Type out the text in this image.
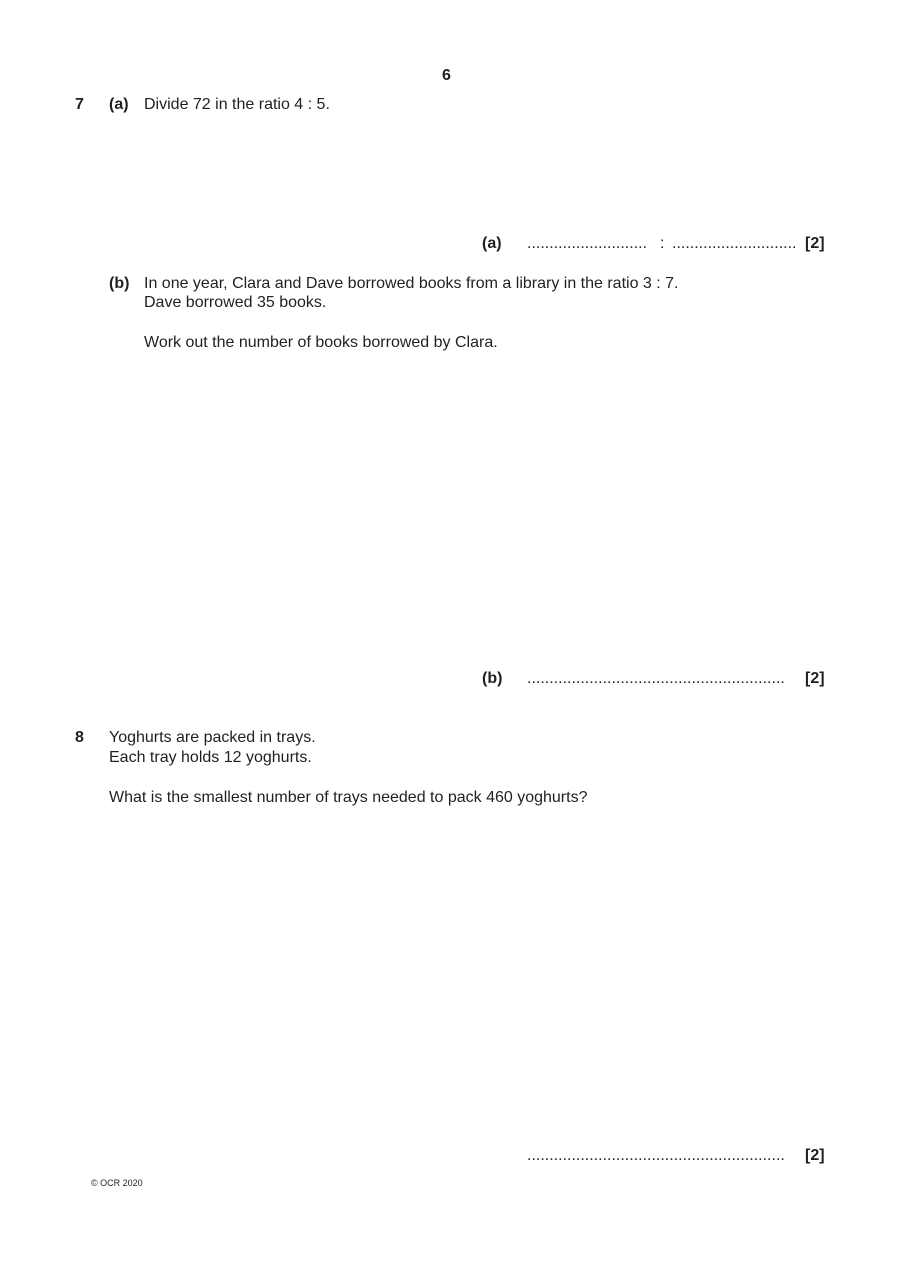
6
7 (a) Divide 72 in the ratio 4 : 5.
(a) ........................... : ............................ [2]
(b) In one year, Clara and Dave borrowed books from a library in the ratio 3 : 7.
Dave borrowed 35 books.
Work out the number of books borrowed by Clara.
(b) .......................................................... [2]
8 Yoghurts are packed in trays.
Each tray holds 12 yoghurts.
What is the smallest number of trays needed to pack 460 yoghurts?
.......................................................... [2]
© OCR 2020
